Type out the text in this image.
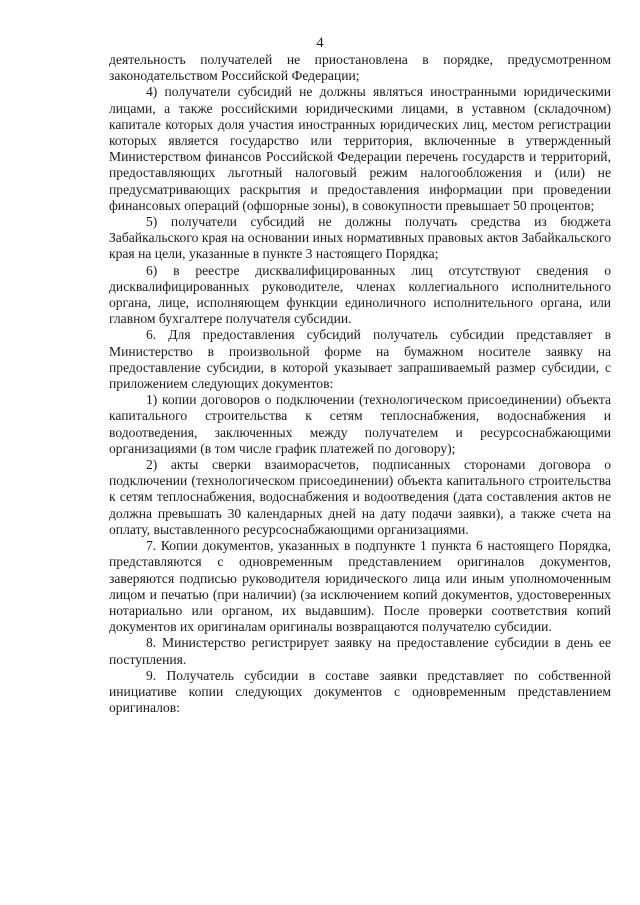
4

деятельность получателей не приостановлена в порядке, предусмотренном законодательством Российской Федерации;

4) получатели субсидий не должны являться иностранными юридическими лицами, а также российскими юридическими лицами, в уставном (складочном) капитале которых доля участия иностранных юридических лиц, местом регистрации которых является государство или территория, включенные в утвержденный Министерством финансов Российской Федерации перечень государств и территорий, предоставляющих льготный налоговый режим налогообложения и (или) не предусматривающих раскрытия и предоставления информации при проведении финансовых операций (офшорные зоны), в совокупности превышает 50 процентов;

5) получатели субсидий не должны получать средства из бюджета Забайкальского края на основании иных нормативных правовых актов Забайкальского края на цели, указанные в пункте 3 настоящего Порядка;

6) в реестре дисквалифицированных лиц отсутствуют сведения о дисквалифицированных руководителе, членах коллегиального исполнительного органа, лице, исполняющем функции единоличного исполнительного органа, или главном бухгалтере получателя субсидии.

6. Для предоставления субсидий получатель субсидии представляет в Министерство в произвольной форме на бумажном носителе заявку на предоставление субсидии, в которой указывает запрашиваемый размер субсидии, с приложением следующих документов:

1) копии договоров о подключении (технологическом присоединении) объекта капитального строительства к сетям теплоснабжения, водоснабжения и водоотведения, заключенных между получателем и ресурсоснабжающими организациями (в том числе график платежей по договору);

2) акты сверки взаиморасчетов, подписанных сторонами договора о подключении (технологическом присоединении) объекта капитального строительства к сетям теплоснабжения, водоснабжения и водоотведения (дата составления актов не должна превышать 30 календарных дней на дату подачи заявки), а также счета на оплату, выставленного ресурсоснабжающими организациями.

7. Копии документов, указанных в подпункте 1 пункта 6 настоящего Порядка, представляются с одновременным представлением оригиналов документов, заверяются подписью руководителя юридического лица или иным уполномоченным лицом и печатью (при наличии) (за исключением копий документов, удостоверенных нотариально или органом, их выдавшим). После проверки соответствия копий документов их оригиналам оригиналы возвращаются получателю субсидии.

8. Министерство регистрирует заявку на предоставление субсидии в день ее поступления.

9. Получатель субсидии в составе заявки представляет по собственной инициативе копии следующих документов с одновременным представлением оригиналов:
